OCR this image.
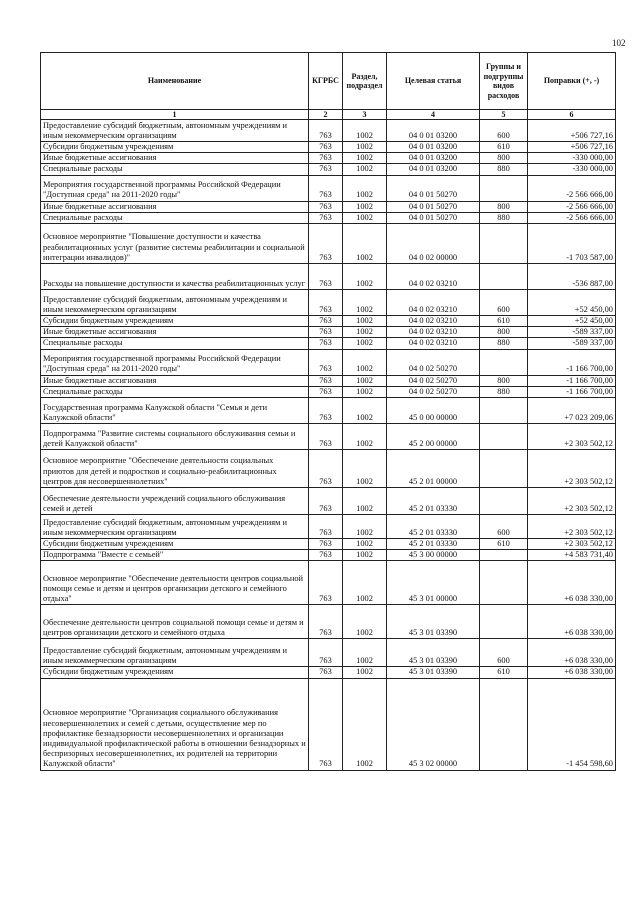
102
Наименование	КГРБС	Раздел, подраздел	Целевая статья	Группы и подгруппы видов расходов	Поправки (+, -)
1	2	3	4	5	6
Предоставление субсидий бюджетным, автономным учреждениям и иным некоммерческим организациям	763	1002	04 0 01 03200	600	+506 727,16
Субсидии бюджетным учреждениям	763	1002	04 0 01 03200	610	+506 727,16
Иные бюджетные ассигнования	763	1002	04 0 01 03200	800	-330 000,00
Специальные расходы	763	1002	04 0 01 03200	880	-330 000,00
Мероприятия государственной программы Российской Федерации "Доступная среда" на 2011-2020 годы"	763	1002	04 0 01 50270		-2 566 666,00
Иные бюджетные ассигнования	763	1002	04 0 01 50270	800	-2 566 666,00
Специальные расходы	763	1002	04 0 01 50270	880	-2 566 666,00
Основное мероприятие "Повышение доступности и качества реабилитационных услуг (развитие системы реабилитации и социальной интеграции инвалидов)"	763	1002	04 0 02 00000		-1 703 587,00
Расходы на повышение доступности и качества реабилитационных услуг	763	1002	04 0 02 03210		-536 887,00
Предоставление субсидий бюджетным, автономным учреждениям и иным некоммерческим организациям	763	1002	04 0 02 03210	600	+52 450,00
Субсидии бюджетным учреждениям	763	1002	04 0 02 03210	610	+52 450,00
Иные бюджетные ассигнования	763	1002	04 0 02 03210	800	-589 337,00
Специальные расходы	763	1002	04 0 02 03210	880	-589 337,00
Мероприятия государственной программы Российской Федерации "Доступная среда" на 2011-2020 годы"	763	1002	04 0 02 50270		-1 166 700,00
Иные бюджетные ассигнования	763	1002	04 0 02 50270	800	-1 166 700,00
Специальные расходы	763	1002	04 0 02 50270	880	-1 166 700,00
Государственная программа Калужской области "Семья и дети Калужской области"	763	1002	45 0 00 00000		+7 023 209,06
Подпрограмма "Развитие системы социального обслуживания семьи и детей Калужской области"	763	1002	45 2 00 00000		+2 303 502,12
Основное мероприятие "Обеспечение деятельности социальных приютов для детей и подростков и социально-реабилитационных центров для несовершеннолетних"	763	1002	45 2 01 00000		+2 303 502,12
Обеспечение деятельности учреждений социального обслуживания семей и детей	763	1002	45 2 01 03330		+2 303 502,12
Предоставление субсидий бюджетным, автономным учреждениям и иным некоммерческим организациям	763	1002	45 2 01 03330	600	+2 303 502,12
Субсидии бюджетным учреждениям	763	1002	45 2 01 03330	610	+2 303 502,12
Подпрограмма "Вместе с семьей"	763	1002	45 3 00 00000		+4 583 731,40
Основное мероприятие "Обеспечение деятельности центров социальной помощи семье и детям и центров организации детского и семейного отдыха"	763	1002	45 3 01 00000		+6 038 330,00
Обеспечение деятельности центров социальной помощи семье и детям и центров организации детского и семейного отдыха	763	1002	45 3 01 03390		+6 038 330,00
Предоставление субсидий бюджетным, автономным учреждениям и иным некоммерческим организациям	763	1002	45 3 01 03390	600	+6 038 330,00
Субсидии бюджетным учреждениям	763	1002	45 3 01 03390	610	+6 038 330,00
Основное мероприятие "Организация социального обслуживания несовершеннолетних и семей с детьми, осуществление мер по профилактике безнадзорности несовершеннолетних и организации индивидуальной профилактической работы в отношении безнадзорных и беспризорных несовершеннолетних, их родителей на территории Калужской области"	763	1002	45 3 02 00000		-1 454 598,60
